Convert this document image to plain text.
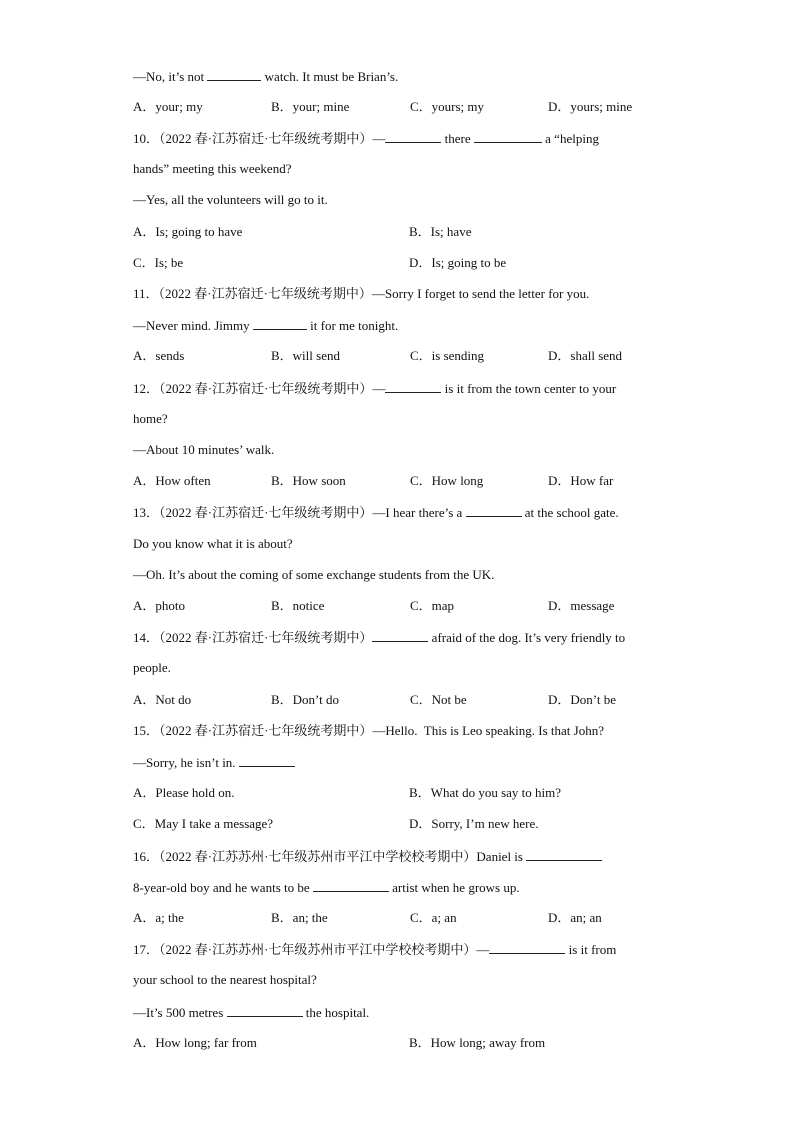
—No, it’s not	watch. It must be Brian’s.
A．your; my	B．your; mine	C．yours; my	D．yours; mine
10．（2022 春·江苏宿迁·七年级统考期中）—	there	a “helping
hands” meeting this weekend?
—Yes, all the volunteers will go to it.
A．Is; going to have	B．Is; have
C．Is; be	D．Is; going to be
11．（2022 春·江苏宿迁·七年级统考期中）—Sorry I forget to send the letter for you.
—Never mind. Jimmy	it for me tonight.
A．sends	B．will send	C．is sending	D．shall send
12．（2022 春·江苏宿迁·七年级统考期中）—	is it from the town center to your
home?
—About 10 minutes’ walk.
A．How often	B．How soon	C．How long	D．How far
13．（2022 春·江苏宿迁·七年级统考期中）—I hear there’s a	at the school gate.
Do you know what it is about?
—Oh. It’s about the coming of some exchange students from the UK.
A．photo	B．notice	C．map	D．message
14．（2022 春·江苏宿迁·七年级统考期中）	afraid of the dog. It’s very friendly to
people.
A．Not do	B．Don’t do	C．Not be	D．Don’t be
15．（2022 春·江苏宿迁·七年级统考期中）—Hello.  This is Leo speaking. Is that John?
—Sorry, he isn’t in.
A．Please hold on.	B．What do you say to him?
C．May I take a message?	D．Sorry, I’m new here.
16．（2022 春·江苏苏州·七年级苏州市平江中学校校考期中）Daniel is
8-year-old boy and he wants to be	artist when he grows up.
A．a; the	B．an; the	C．a; an	D．an; an
17．（2022 春·江苏苏州·七年级苏州市平江中学校校考期中）—	is it from
your school to the nearest hospital?
—It’s 500 metres	the hospital.
A．How long; far from	B．How long; away from
